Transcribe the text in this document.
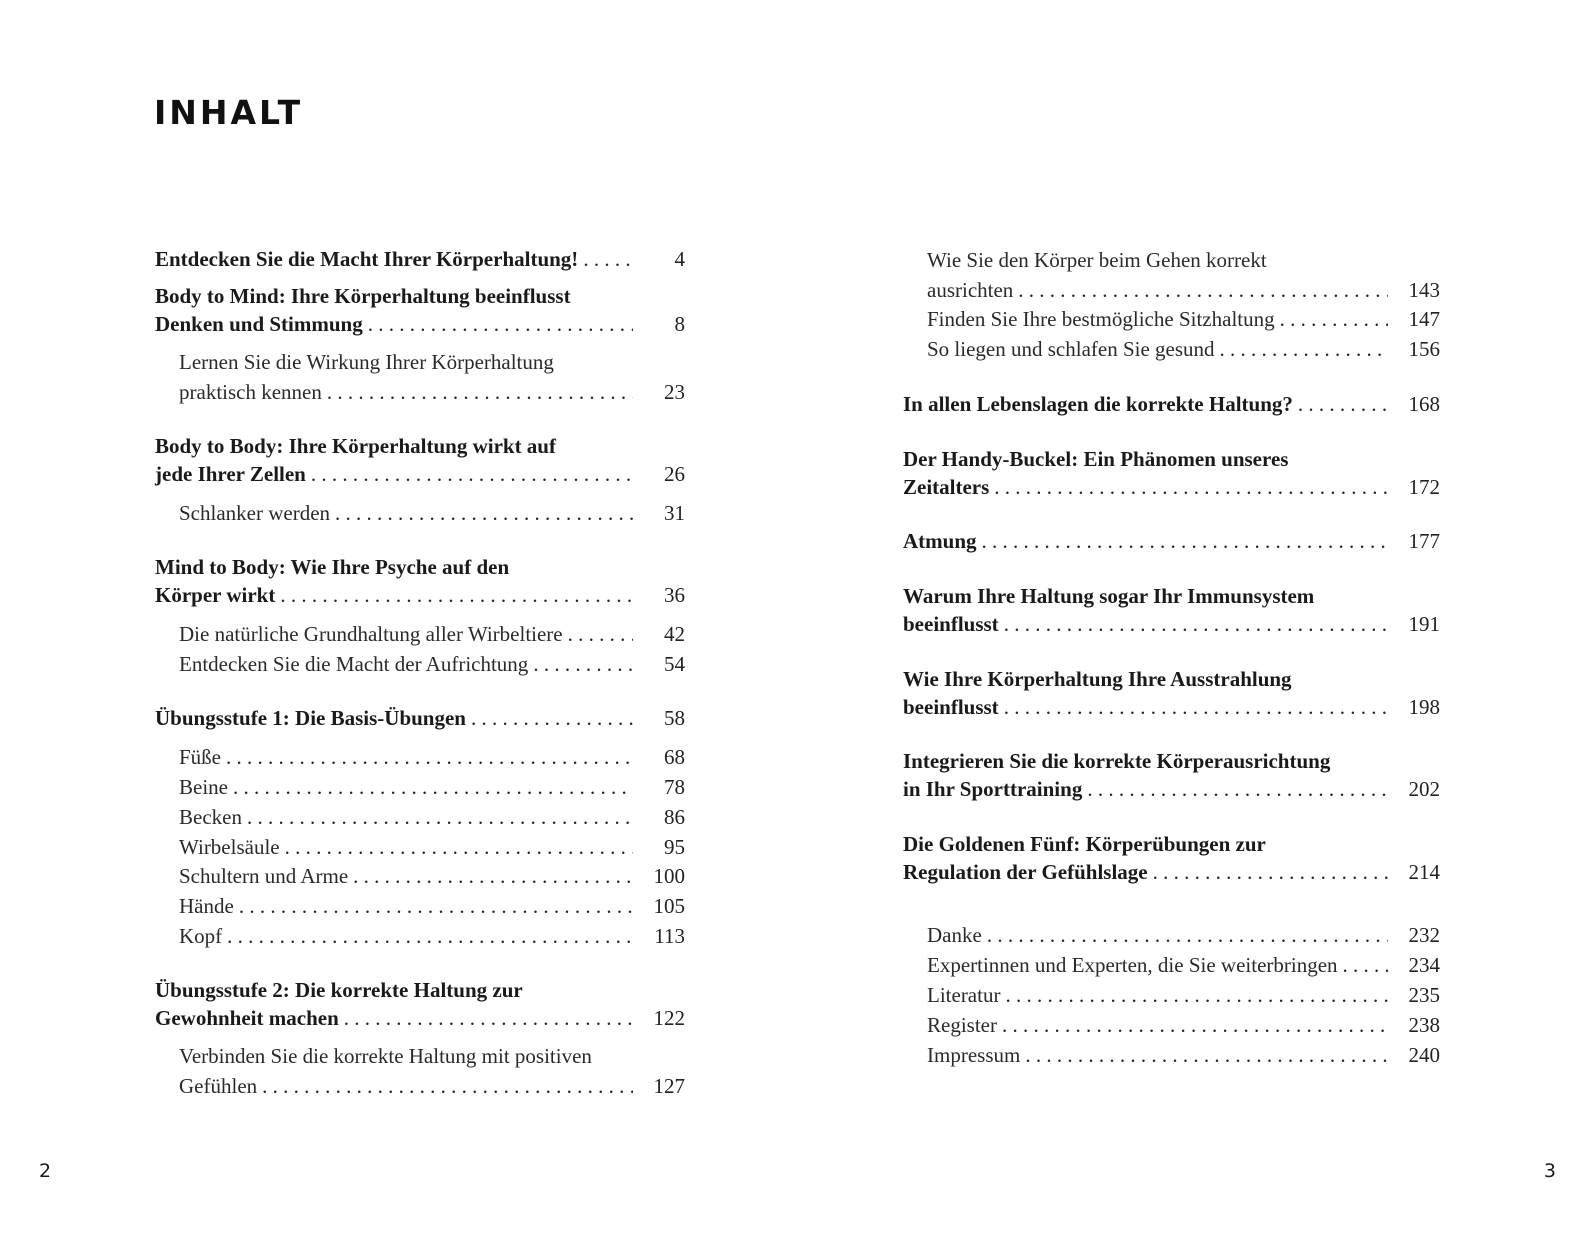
INHALT
Entdecken Sie die Macht Ihrer Körperhaltung! . . .	4
Body to Mind: Ihre Körperhaltung beeinflusst
Denken und Stimmung . . .	8
Lernen Sie die Wirkung Ihrer Körperhaltung
praktisch kennen . . .	23
Body to Body: Ihre Körperhaltung wirkt auf
jede Ihrer Zellen . . .	26
Schlanker werden . . .	31
Mind to Body: Wie Ihre Psyche auf den
Körper wirkt . . .	36
Die natürliche Grundhaltung aller Wirbeltiere . . .	42
Entdecken Sie die Macht der Aufrichtung . . .	54
Übungsstufe 1: Die Basis-Übungen . . .	58
Füße . . .	68
Beine . . .	78
Becken . . .	86
Wirbelsäule . . .	95
Schultern und Arme . . .	100
Hände . . .	105
Kopf . . .	113
Übungsstufe 2: Die korrekte Haltung zur
Gewohnheit machen . . .	122
Verbinden Sie die korrekte Haltung mit positiven
Gefühlen . . .	127
Wie Sie den Körper beim Gehen korrekt
ausrichten . . .	143
Finden Sie Ihre bestmögliche Sitzhaltung . . .	147
So liegen und schlafen Sie gesund . . .	156
In allen Lebenslagen die korrekte Haltung? . . .	168
Der Handy-Buckel: Ein Phänomen unseres
Zeitalters . . .	172
Atmung . . .	177
Warum Ihre Haltung sogar Ihr Immunsystem
beeinflusst . . .	191
Wie Ihre Körperhaltung Ihre Ausstrahlung
beeinflusst . . .	198
Integrieren Sie die korrekte Körperausrichtung
in Ihr Sporttraining . . .	202
Die Goldenen Fünf: Körperübungen zur
Regulation der Gefühlslage . . .	214
Danke . . .	232
Expertinnen und Experten, die Sie weiterbringen . . .	234
Literatur . . .	235
Register . . .	238
Impressum . . .	240
2	3
